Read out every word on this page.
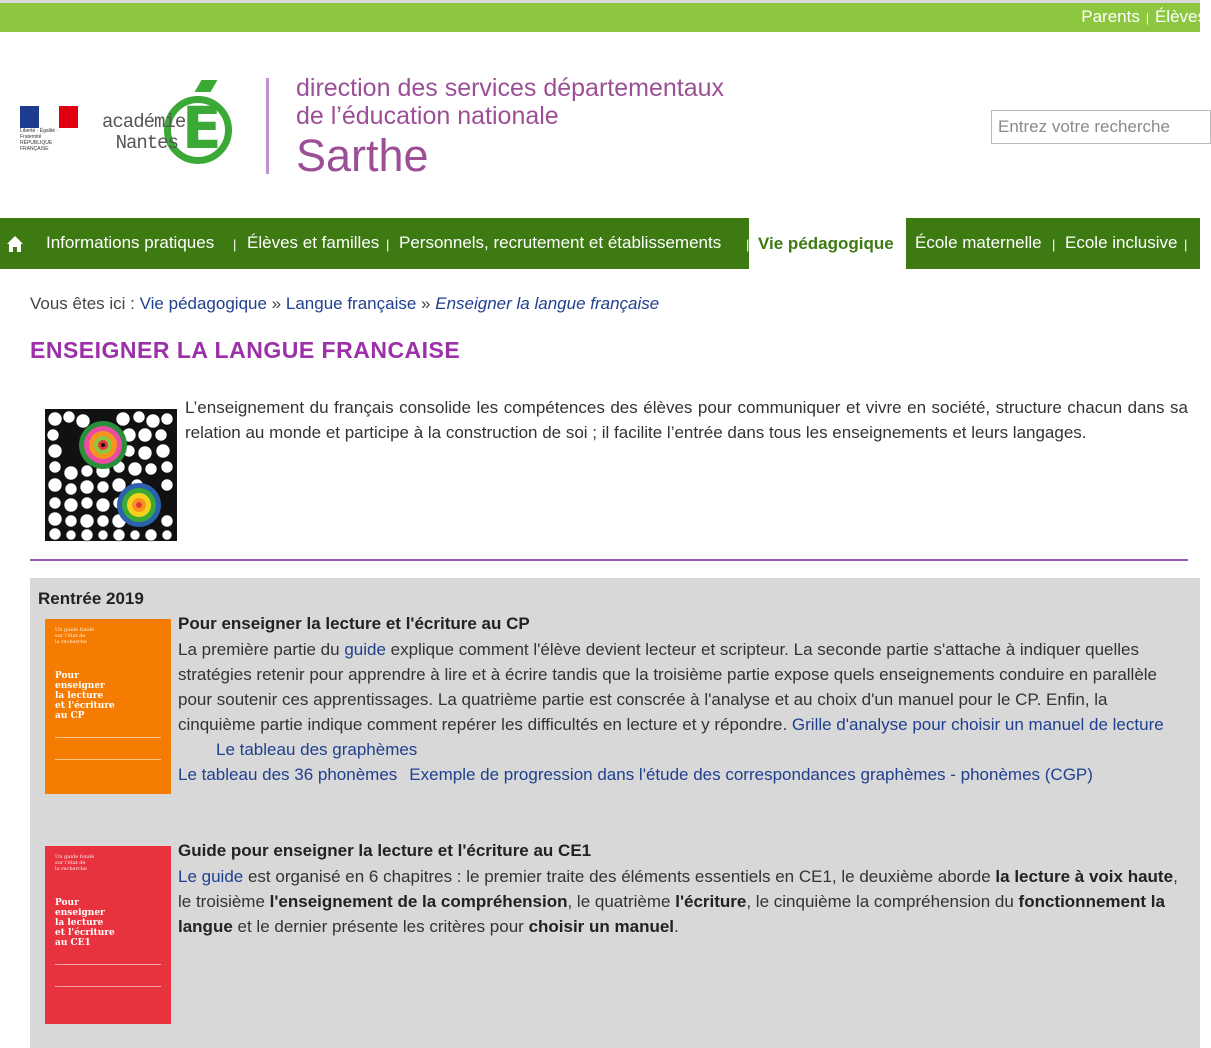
Parents | Élèves
Liberté · Égalité · Fraternité
RÉPUBLIQUE FRANÇAISE	E
académie
Nantes
direction des services départementaux
de l’éducation nationale
Sarthe
Entrez votre recherche
Informations pratiques | Élèves et familles | Personnels, recrutement et établissements | Vie pédagogique École maternelle | Ecole inclusive |
Vous êtes ici : Vie pédagogique » Langue française » Enseigner la langue française
ENSEIGNER LA LANGUE FRANCAISE
L’enseignement du français consolide les compétences des élèves pour communiquer et vivre en société, structure chacun dans sa relation au monde et participe à la construction de soi ; il facilite l’entrée dans tous les enseignements et leurs langages.
Rentrée 2019
Un guide fondé
sur l'état de
la recherche
Pour
enseigner
la lecture
et l'écriture
au CP
Pour enseigner la lecture et l'écriture au CP
La première partie du guide explique comment l'élève devient lecteur et scripteur. La seconde partie s'attache à indiquer quelles stratégies retenir pour apprendre à lire et à écrire tandis que la troisième partie expose quels enseignements conduire en parallèle pour soutenir ces apprentissages. La quatrième partie est conscrée à l'analyse et au choix d'un manuel pour le CP. Enfin, la cinquième partie indique comment repérer les difficultés en lecture et y répondre. Grille d'analyse pour choisir un manuel de lectureLe tableau des graphèmes
Le tableau des 36 phonèmes Exemple de progression dans l'étude des correspondances graphèmes - phonèmes (CGP)
Un guide fondé
sur l'état de
la recherche
Pour
enseigner
la lecture
et l'écriture
au CE1
Guide pour enseigner la lecture et l'écriture au CE1
Le guide est organisé en 6 chapitres : le premier traite des éléments essentiels en CE1, le deuxième aborde la lecture à voix haute, le troisième l'enseignement de la compréhension, le quatrième l'écriture, le cinquième la compréhension du fonctionnement la langue et le dernier présente les critères pour choisir un manuel.
